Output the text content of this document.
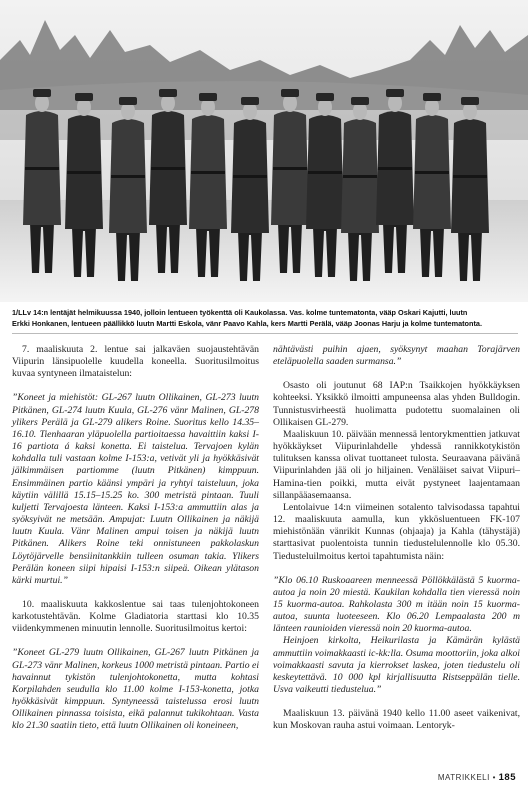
1/LLv 14:n lentäjät helmikuussa 1940, jolloin lentueen työkenttä oli Kaukolassa. Vas. kolme tuntematonta, vääp Oskari Kajutti, luutn
Erkki Honkanen, lentueen päällikkö luutn Martti Eskola, vänr Paavo Kahla, kers Martti Perälä, vääp Joonas Harju ja kolme tuntematonta.

7. maaliskuuta 2. lentue sai jalkaväen suojaustehtävän Viipurin länsipuolelle kuudella koneella. Suoritusilmoitus kuvaa syntyneen ilmataistelun:

”Koneet ja miehistöt: GL-267 luutn Ollikainen, GL-273 luutn Pitkänen, GL-274 luutn Kuula, GL-276 vänr Malinen, GL-278 ylikers Perälä ja GL-279 alikers Roine. Suoritus kello 14.35–16.10. Tienhaaran yläpuolella partioitaessa havaittiin kaksi I-16 partiota á kaksi konetta. Ei taistelua. Tervajoen kylän kohdalla tuli vastaan kolme I-153:a, vetivät yli ja hyökkäsivät jälkimmäisen partiomme (luutn Pitkänen) kimppuun. Ensimmäinen partio käänsi ympäri ja ryhtyi taisteluun, joka käytiin välillä 15.15–15.25 ko. 300 metristä pintaan. Tuuli kuljetti Tervajoesta länteen. Kaksi I-153:a ammuttiin alas ja syöksyivät ne metsään. Ampujat: Luutn Ollikainen ja näkijä luutn Kuula. Vänr Malinen ampui toisen ja näkijä luutn Pitkänen. Alikers Roine teki onnistuneen pakkolaskun Löytöjärvelle bensiinitankkiin tulleen osuman takia. Ylikers Perälän koneen siipi hipaisi I-153:n siipeä. Oikean ylätason kärki murtui.”

10. maaliskuuta kakkoslentue sai taas tulenjohtokoneen karkotustehtävän. Kolme Gladiatoria starttasi klo 10.35 viidenkymmenen minuutin lennolle. Suoritusilmoitus kertoi:

”Koneet GL-279 luutn Ollikainen, GL-267 luutn Pitkänen ja GL-273 vänr Malinen, korkeus 1000 metristä pintaan. Partio ei havainnut tykistön tulenjohtokonetta, mutta kohtasi Korpilahden seudulla klo 11.00 kolme I-153-konetta, jotka hyökkäsivät kimppuun. Syntyneessä taistelussa erosi luutn Ollikainen pinnassa toisista, eikä palannut tukikohtaan. Vasta klo 21.30 saatiin tieto, että luutn Ollikainen oli koneineen,

nähtävästi puihin ajaen, syöksynyt maahan Torajärven eteläpuolella saaden surmansa.”

Osasto oli joutunut 68 IAP:n Tsaikkojen hyökkäyksen kohteeksi. Yksikkö ilmoitti ampuneensa alas yhden Bulldogin. Tunnistusvirheestä huolimatta pudotettu suomalainen oli Ollikaisen GL-279.

Maaliskuun 10. päivään mennessä lentorykmenttien jatkuvat hyökkäykset Viipurinlahdelle yhdessä rannikkotykistön tulituksen kanssa olivat tuottaneet tulosta. Seuraavana päivänä Viipurinlahden jää oli jo hiljainen. Venäläiset saivat Viipuri–Hamina-tien poikki, mutta eivät pystyneet laajentamaan sillanpääasemaansa.

Lentolaivue 14:n viimeinen sotalento talvisodassa tapahtui 12. maaliskuuta aamulla, kun ykkösluentueen FK-107 miehistönään vänrikit Kunnas (ohjaaja) ja Kahla (tähystäjä) starttasivat puolentoista tunnin tiedustelulennolle klo 05.30. Tiedusteluilmoitus kertoi tapahtumista näin:

”Klo 06.10 Ruskoaareen menneessä Pöllökkälästä 5 kuorma-autoa ja noin 20 miestä. Kaukilan kohdalla tien vieressä noin 15 kuorma-autoa. Rahkolasta 300 m itään noin 15 kuorma-autoa, suunta luoteeseen. Klo 06.20 Lempaalasta 200 m länteen raunioiden vieressä noin 20 kuorma-autoa.

Heinjoen kirkolta, Heikurilasta ja Kämärän kylästä ammuttiin voimakkaasti ic-kk:lla. Osuma moottoriin, joka alkoi voimakkaasti savuta ja kierrokset laskea, joten tiedustelu oli keskeytettävä. 10 000 kpl kirjallisuutta Ristseppälän tielle. Usva vaikeutti tiedustelua.”

Maaliskuun 13. päivänä 1940 kello 11.00 aseet vaikenivat, kun Moskovan rauha astui voimaan. Lentoryk-

MATRIKKELI • 185
